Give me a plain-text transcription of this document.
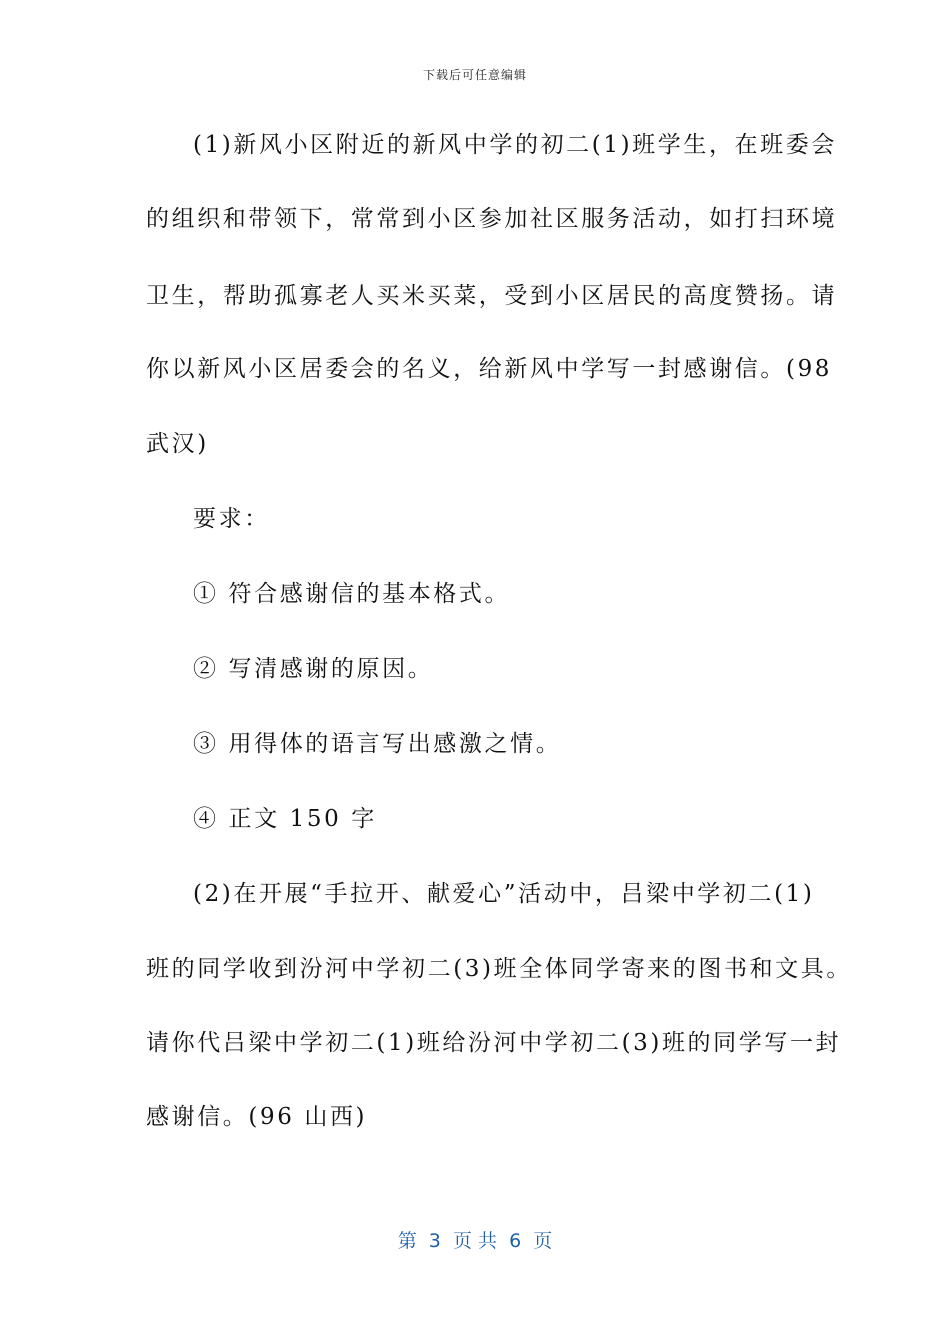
下载后可任意编辑
(1)新风小区附近的新风中学的初二(1)班学生，在班委会
的组织和带领下，常常到小区参加社区服务活动，如打扫环境
卫生，帮助孤寡老人买米买菜，受到小区居民的高度赞扬。请
你以新风小区居委会的名义，给新风中学写一封感谢信。(98
武汉)
要求：
① 符合感谢信的基本格式。
② 写清感谢的原因。
③ 用得体的语言写出感激之情。
④ 正文 150 字
(2)在开展“手拉开、献爱心”活动中，吕梁中学初二(1)
班的同学收到汾河中学初二(3)班全体同学寄来的图书和文具。
请你代吕梁中学初二(1)班给汾河中学初二(3)班的同学写一封
感谢信。(96 山西)
第  3  页 共  6  页
